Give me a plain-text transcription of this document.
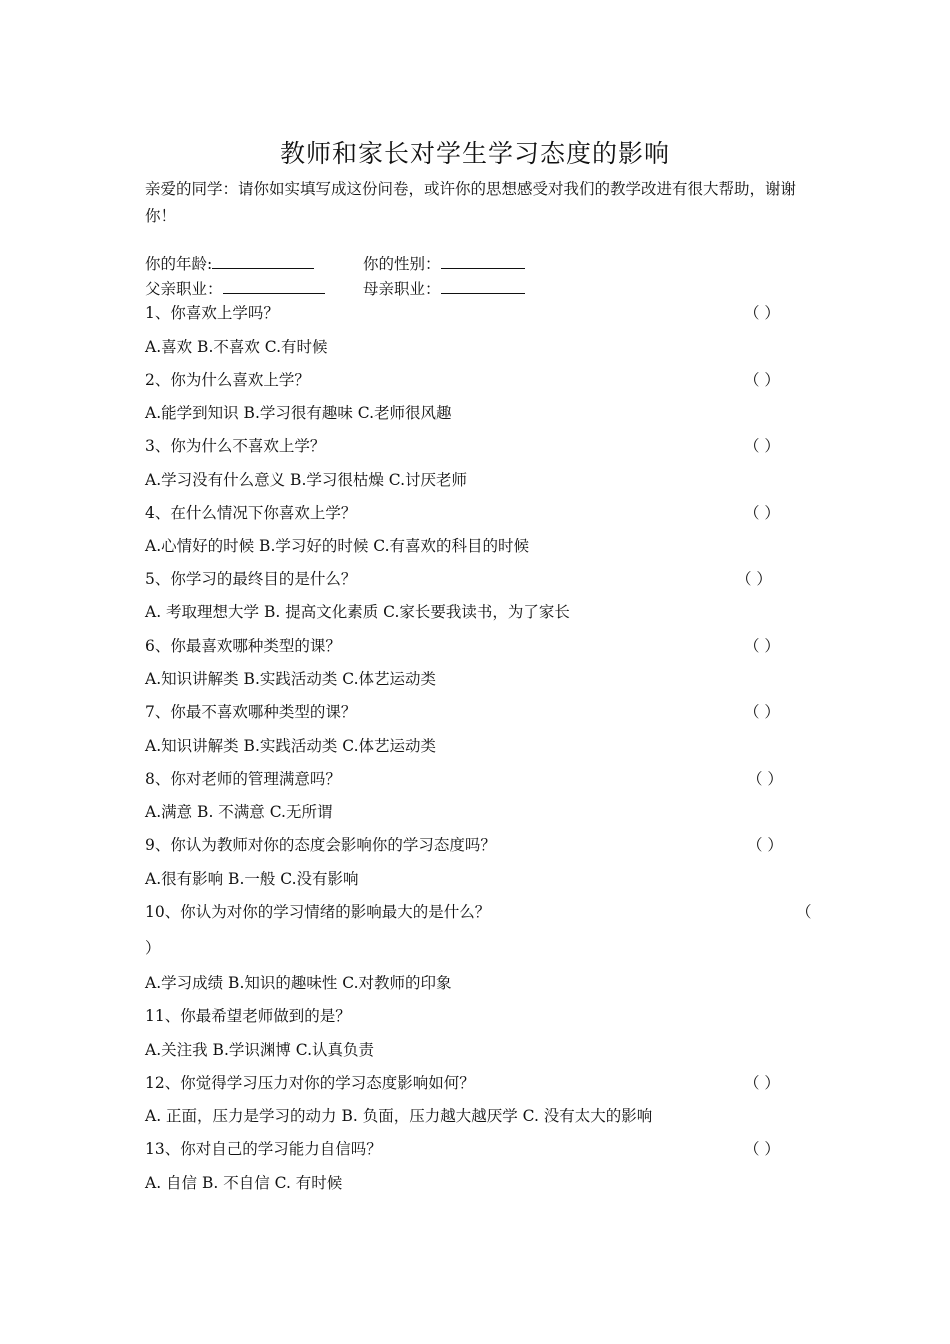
教师和家长对学生学习态度的影响
亲爱的同学：请你如实填写成这份问卷，或许你的思想感受对我们的教学改进有很大帮助，谢谢你！
你的年龄:	你的性别：
父亲职业：	母亲职业：
1、你喜欢上学吗？	（ ）
A.喜欢 B.不喜欢 C.有时候
2、你为什么喜欢上学？	（ ）
A.能学到知识 B.学习很有趣味 C.老师很风趣
3、你为什么不喜欢上学？	（ ）
A.学习没有什么意义 B.学习很枯燥 C.讨厌老师
4、在什么情况下你喜欢上学？	（ ）
A.心情好的时候 B.学习好的时候 C.有喜欢的科目的时候
5、你学习的最终目的是什么？	（ ）
A. 考取理想大学 B. 提高文化素质 C.家长要我读书，为了家长
6、你最喜欢哪种类型的课？	（ ）
A.知识讲解类 B.实践活动类 C.体艺运动类
7、你最不喜欢哪种类型的课？	（ ）
A.知识讲解类 B.实践活动类 C.体艺运动类
8、你对老师的管理满意吗？	（ ）
A.满意 B. 不满意 C.无所谓
9、你认为教师对你的态度会影响你的学习态度吗？	（ ）
A.很有影响 B.一般 C.没有影响
10、你认为对你的学习情绪的影响最大的是什么？	（
）
A.学习成绩 B.知识的趣味性 C.对教师的印象
11、你最希望老师做到的是？
A.关注我 B.学识渊博 C.认真负责
12、你觉得学习压力对你的学习态度影响如何？	（ ）
A. 正面，压力是学习的动力 B. 负面，压力越大越厌学 C. 没有太大的影响
13、你对自己的学习能力自信吗？	（ ）
A. 自信 B. 不自信 C. 有时候
